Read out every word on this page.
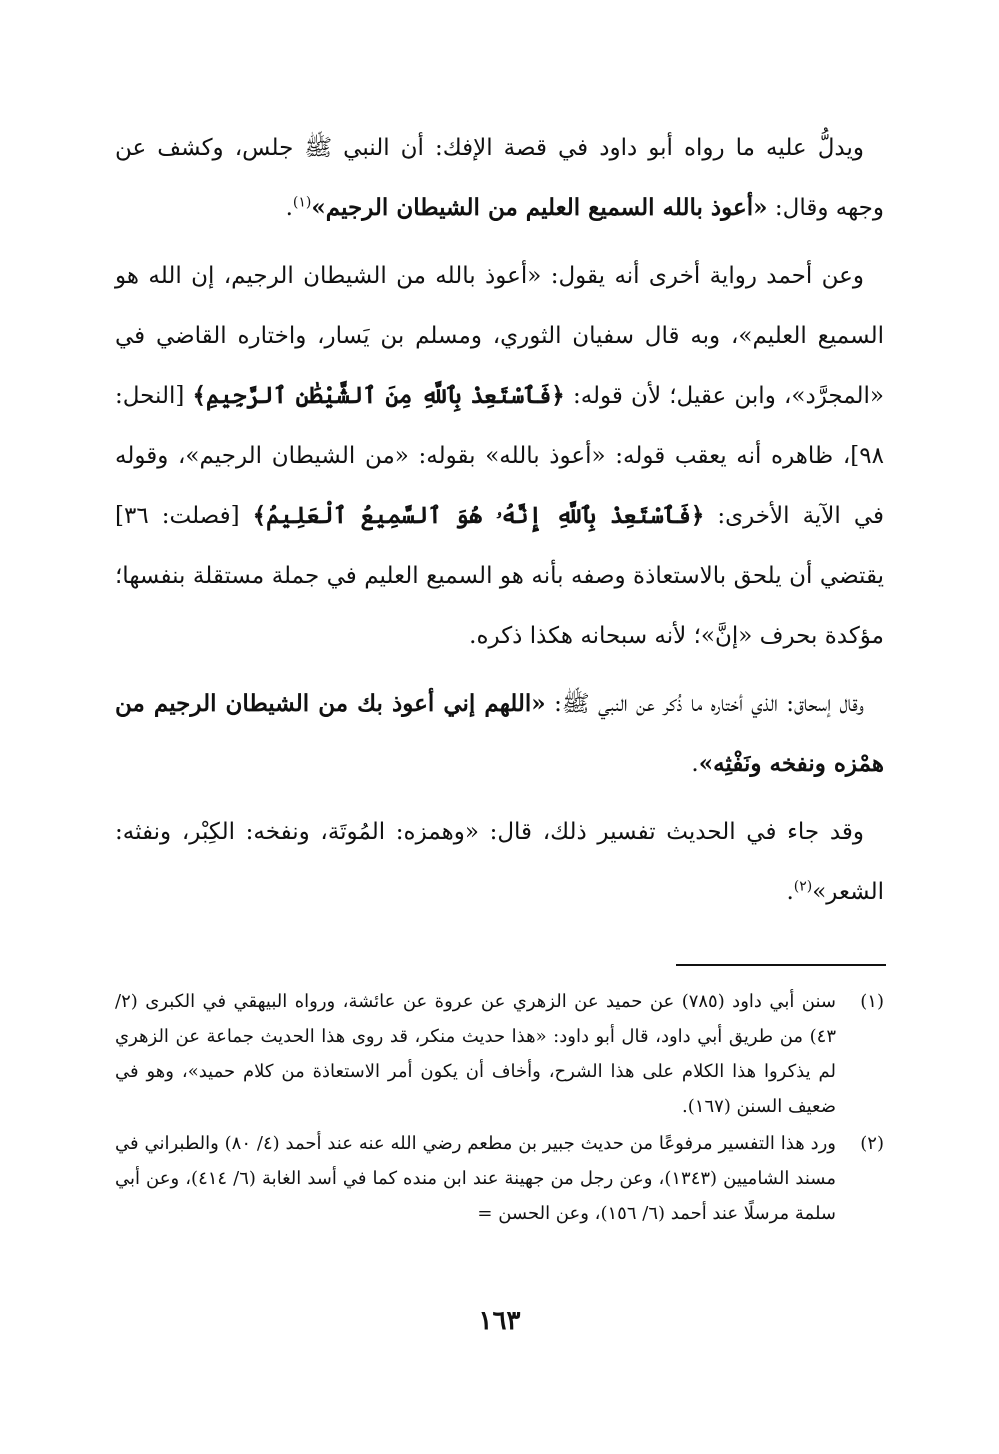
ويدلُّ عليه ما رواه أبو داود في قصة الإفك: أن النبي ﷺ جلس، وكشف عن وجهه وقال: «أعوذ بالله السميع العليم من الشيطان الرجيم»$^{(١)}$.

وعن أحمد رواية أخرى أنه يقول: «أعوذ بالله من الشيطان الرجيم، إن الله هو السميع العليم»، وبه قال سفيان الثوري، ومسلم بن يَسار، واختاره القاضي في «المجرَّد»، وابن عقيل؛ لأن قوله: ﴿فَٱسْتَعِذْ بِٱللَّهِ مِنَ ٱلشَّيْطَٰنِ ٱلرَّجِيمِ﴾ [النحل: ٩٨]، ظاهره أنه يعقب قوله: «أعوذ بالله» بقوله: «من الشيطان الرجيم»، وقوله في الآية الأخرى: ﴿فَٱسْتَعِذْ بِٱللَّهِ إِنَّهُۥ هُوَ ٱلسَّمِيعُ ٱلْعَلِيمُ﴾ [فصلت: ٣٦] يقتضي أن يلحق بالاستعاذة وصفه بأنه هو السميع العليم في جملة مستقلة بنفسها؛ مؤكدة بحرف «إنَّ»؛ لأنه سبحانه هكذا ذكره.

وقال إسحاق: الذي أختاره ما ذُكر عن النبي ﷺ: «اللهم إني أعوذ بك من الشيطان الرجيم من همْزه ونفخه ونَفْثِه».

وقد جاء في الحديث تفسير ذلك، قال: «وهمزه: المُوتَة، ونفخه: الكِبْر، ونفثه: الشعر»$^{(٢)}$.

(١)
سنن أبي داود (٧٨٥) عن حميد عن الزهري عن عروة عن عائشة، ورواه البيهقي في الكبرى (٢/ ٤٣) من طريق أبي داود، قال أبو داود: «هذا حديث منكر، قد روى هذا الحديث جماعة عن الزهري لم يذكروا هذا الكلام على هذا الشرح، وأخاف أن يكون أمر الاستعاذة من كلام حميد»، وهو في ضعيف السنن (١٦٧).
(٢)
ورد هذا التفسير مرفوعًا من حديث جبير بن مطعم رضي الله عنه عند أحمد (٤/ ٨٠) والطبراني في مسند الشاميين (١٣٤٣)، وعن رجل من جهينة عند ابن منده كما في أسد الغابة (٦/ ٤١٤)، وعن أبي سلمة مرسلًا عند أحمد (٦/ ١٥٦)، وعن الحسن =
١٦٣
